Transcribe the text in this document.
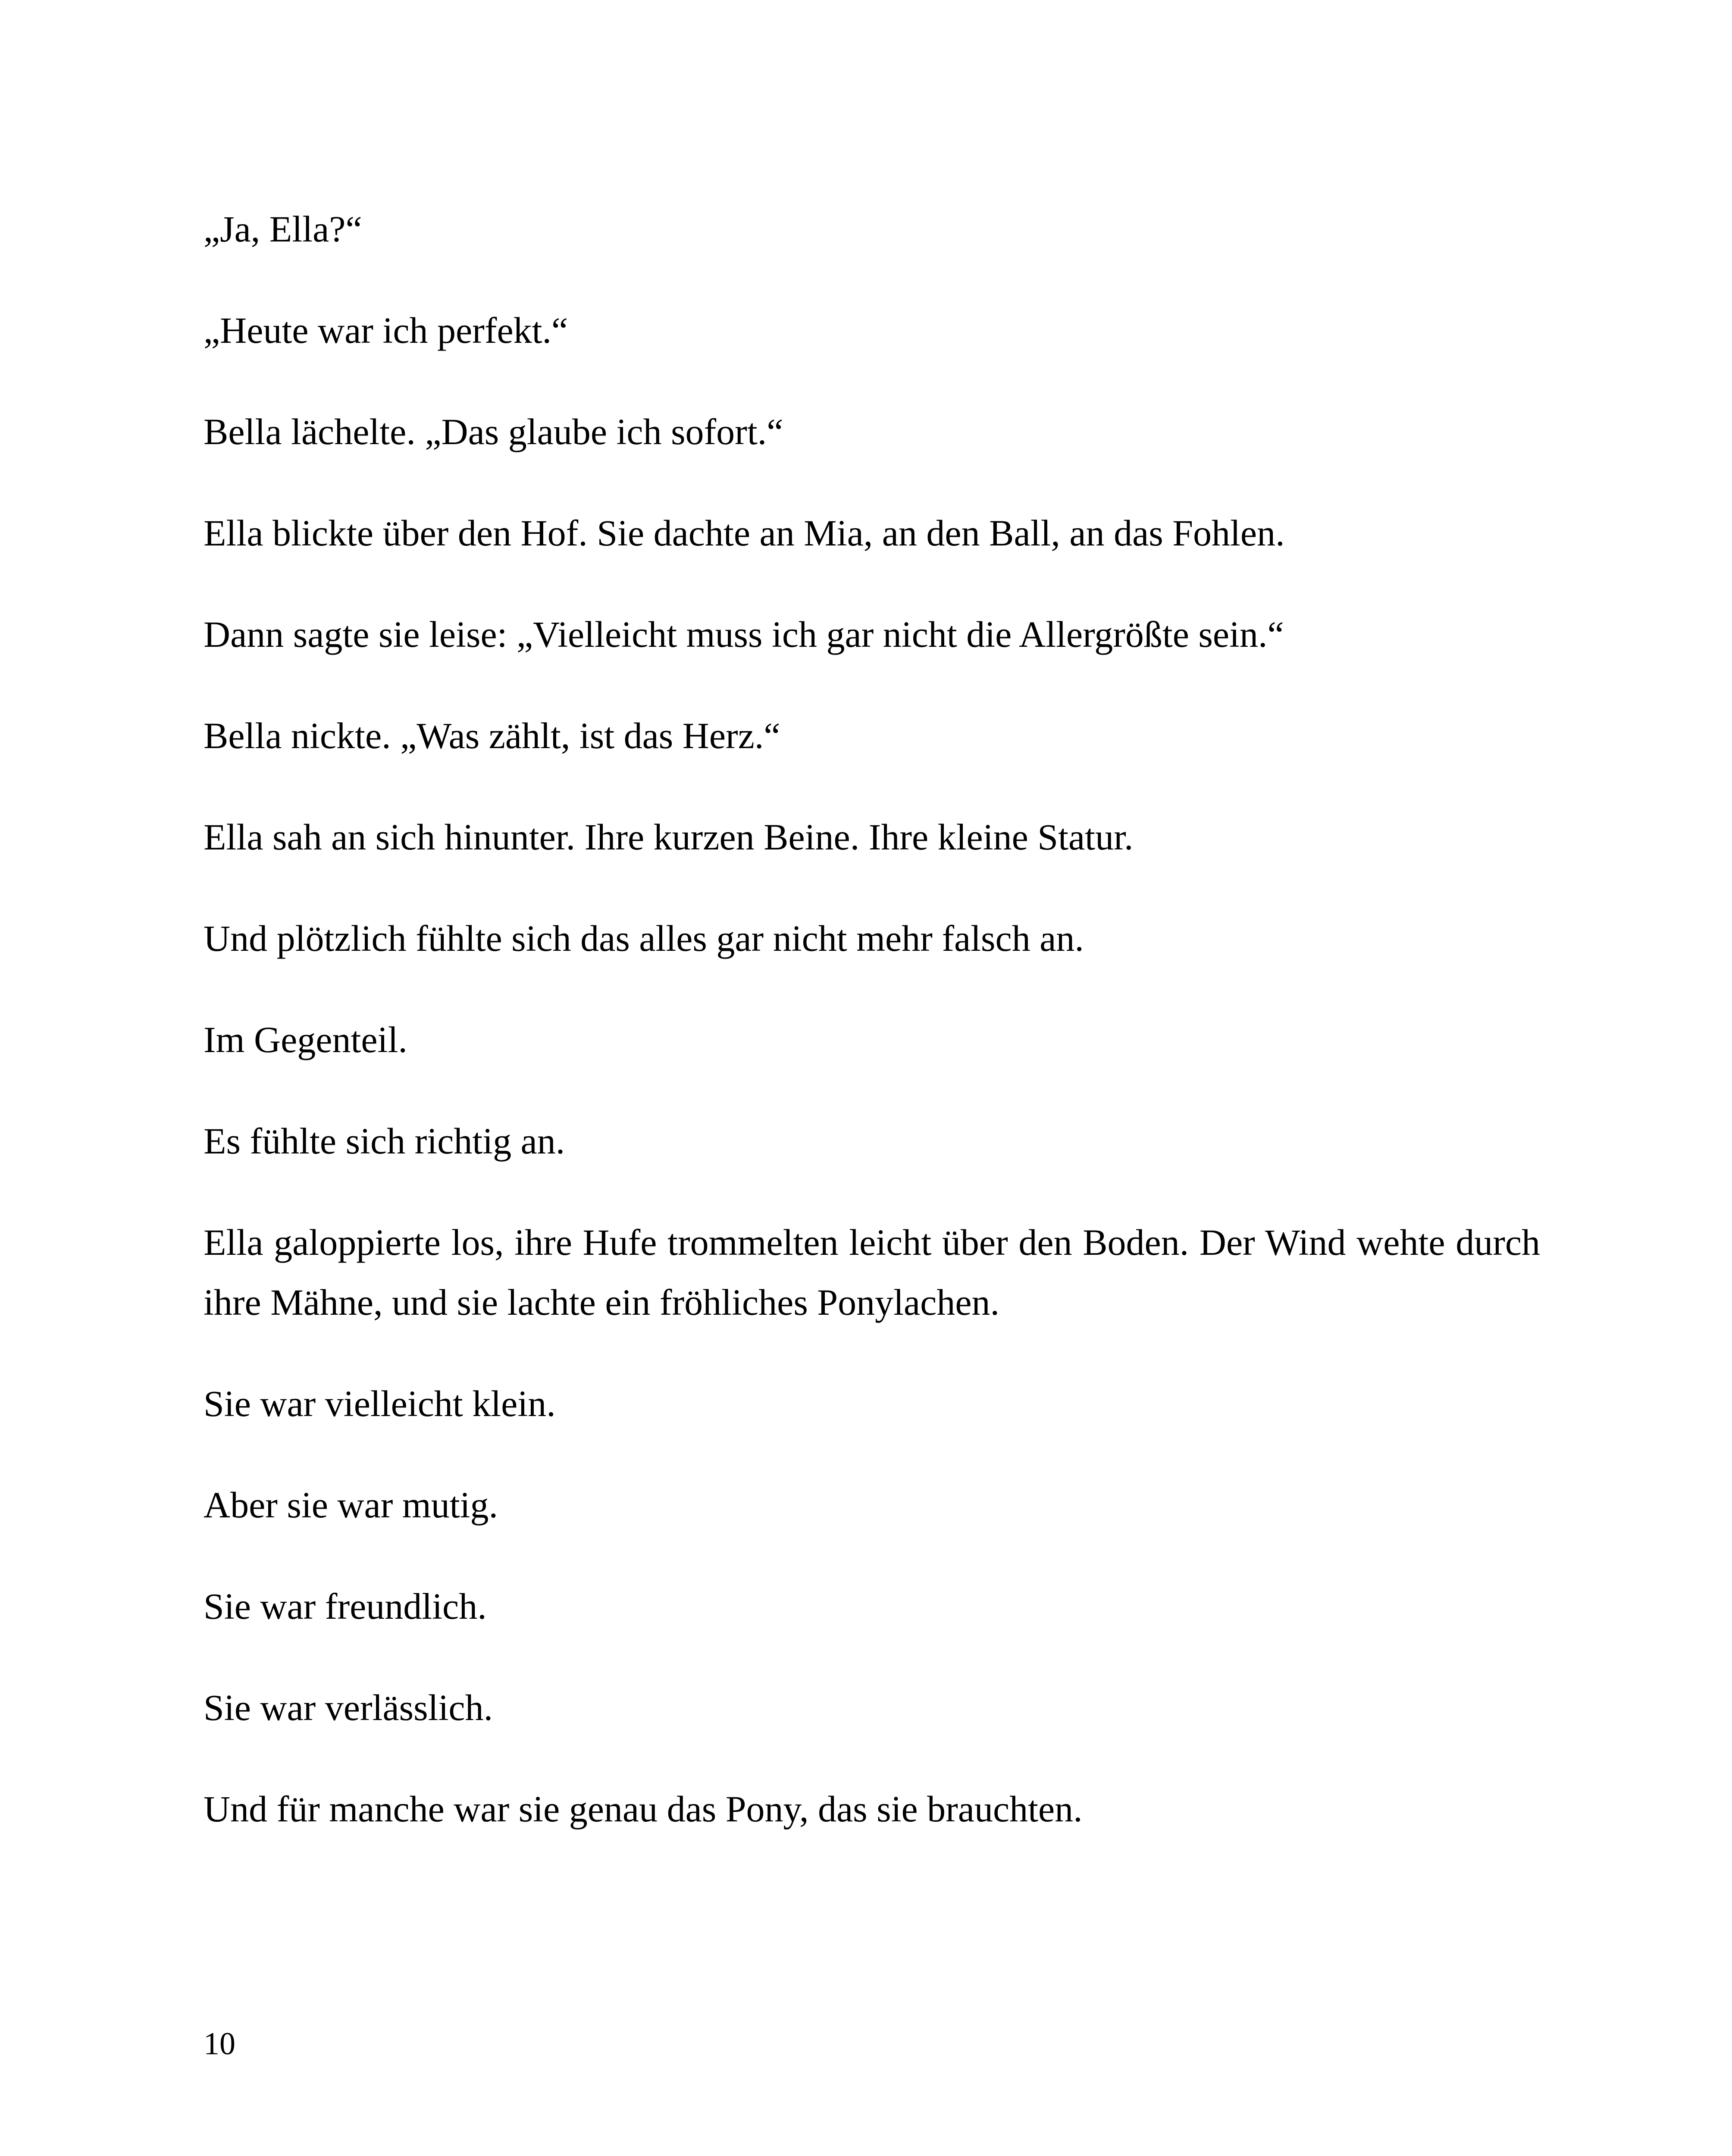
„Ja, Ella?“

„Heute war ich perfekt.“

Bella lächelte. „Das glaube ich sofort.“

Ella blickte über den Hof. Sie dachte an Mia, an den Ball, an das Fohlen.

Dann sagte sie leise: „Vielleicht muss ich gar nicht die Allergrößte sein.“

Bella nickte. „Was zählt, ist das Herz.“

Ella sah an sich hinunter. Ihre kurzen Beine. Ihre kleine Statur.

Und plötzlich fühlte sich das alles gar nicht mehr falsch an.

Im Gegenteil.

Es fühlte sich richtig an.

Ella galoppierte los, ihre Hufe trommelten leicht über den Boden. Der Wind wehte durch ihre Mähne, und sie lachte ein fröhliches Ponylachen.

Sie war vielleicht klein.

Aber sie war mutig.

Sie war freundlich.

Sie war verlässlich.

Und für manche war sie genau das Pony, das sie brauchten.

10
